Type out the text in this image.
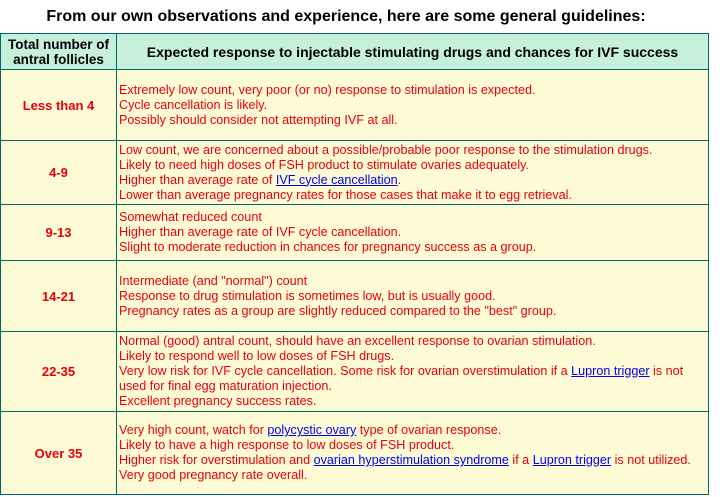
From our own observations and experience, here are some general guidelines:
Total number of antral follicles	Expected response to injectable stimulating drugs and chances for IVF success
Less than 4	Extremely low count, very poor (or no) response to stimulation is expected.
Cycle cancellation is likely.
Possibly should consider not attempting IVF at all.

4-9	Low count, we are concerned about a possible/probable poor response to the stimulation drugs.
Likely to need high doses of FSH product to stimulate ovaries adequately.
Higher than average rate of IVF cycle cancellation.
Lower than average pregnancy rates for those cases that make it to egg retrieval.

9-13	Somewhat reduced count
Higher than average rate of IVF cycle cancellation.
Slight to moderate reduction in chances for pregnancy success as a group.

14-21	Intermediate (and "normal") count
Response to drug stimulation is sometimes low, but is usually good.
Pregnancy rates as a group are slightly reduced compared to the "best" group.

22-35	Normal (good) antral count, should have an excellent response to ovarian stimulation.
Likely to respond well to low doses of FSH drugs.
Very low risk for IVF cycle cancellation. Some risk for ovarian overstimulation if a Lupron trigger is not used for final egg maturation injection.
Excellent pregnancy success rates.

Over 35	Very high count, watch for polycystic ovary type of ovarian response.
Likely to have a high response to low doses of FSH product.
Higher risk for overstimulation and ovarian hyperstimulation syndrome if a Lupron trigger is not utilized.
Very good pregnancy rate overall.
